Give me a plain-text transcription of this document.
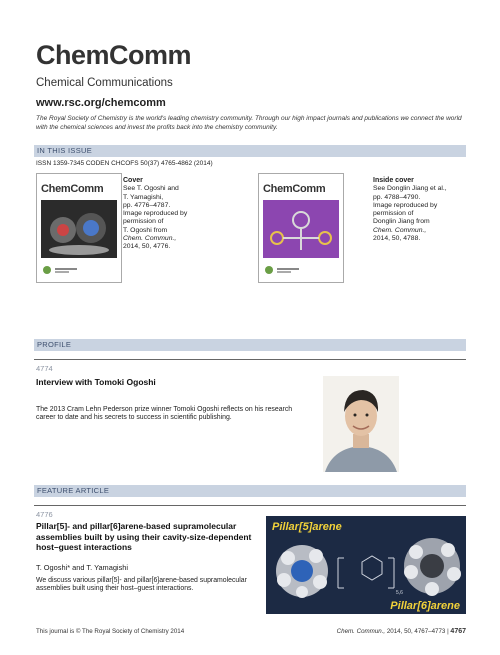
ChemComm
Chemical Communications
www.rsc.org/chemcomm
The Royal Society of Chemistry is the world's leading chemistry community. Through our high impact journals and publications we connect the world with the chemical sciences and invest the profits back into the chemistry community.
IN THIS ISSUE
ISSN 1359-7345 CODEN CHCOFS 50(37) 4765-4862 (2014)
ChemComm
Cover
See T. Ogoshi and
T. Yamagishi,
pp. 4776–4787.
Image reproduced by
permission of
T. Ogoshi from
Chem. Commun.,
2014, 50, 4776.
ChemComm
Inside cover
See Donglin Jiang et al.,
pp. 4788–4790.
Image reproduced by
permission of
Donglin Jiang from
Chem. Commun.,
2014, 50, 4788.
PROFILE
4774
Interview with Tomoki Ogoshi
The 2013 Cram Lehn Pederson prize winner Tomoki Ogoshi reflects on his research career to date and his secrets to success in scientific publishing.
FEATURE ARTICLE
4776
Pillar[5]- and pillar[6]arene-based supramolecular assemblies built by using their cavity-size-dependent host–guest interactions
T. Ogoshi* and T. Yamagishi
We discuss various pillar[5]- and pillar[6]arene-based supramolecular assemblies built using their host–guest interactions.
Pillar[5]arene
5,6
Pillar[6]arene
This journal is © The Royal Society of Chemistry 2014	Chem. Commun., 2014, 50, 4767–4773 | 4767
